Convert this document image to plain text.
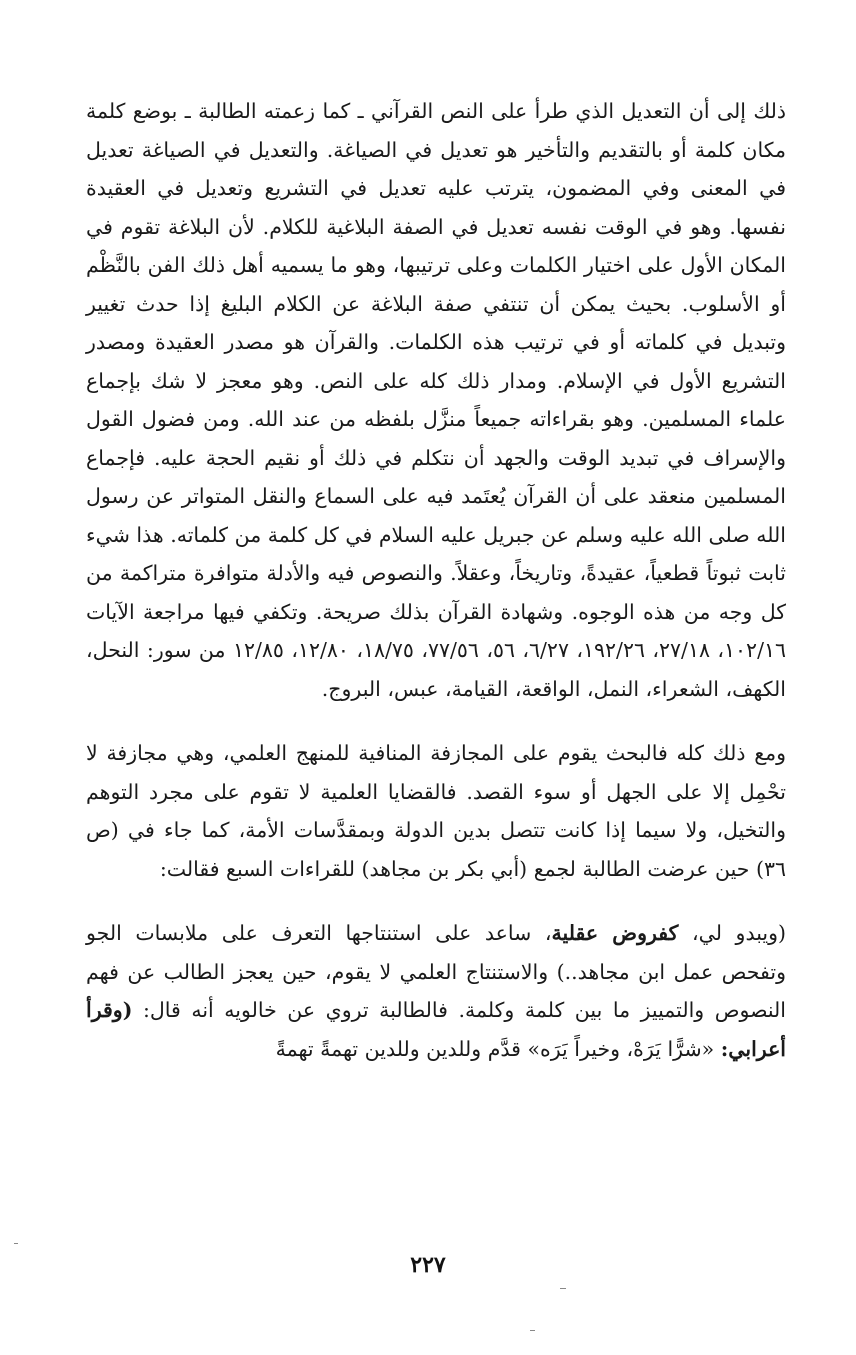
ذلك إلى أن التعديل الذي طرأ على النص القرآني ـ كما زعمته الطالبة ـ بوضع كلمة مكان كلمة أو بالتقديم والتأخير هو تعديل في الصياغة. والتعديل في الصياغة تعديل في المعنى وفي المضمون، يترتب عليه تعديل في التشريع وتعديل في العقيدة نفسها. وهو في الوقت نفسه تعديل في الصفة البلاغية للكلام. لأن البلاغة تقوم في المكان الأول على اختيار الكلمات وعلى ترتيبها، وهو ما يسميه أهل ذلك الفن بالنَّظْم أو الأسلوب. بحيث يمكن أن تنتفي صفة البلاغة عن الكلام البليغ إذا حدث تغيير وتبديل في كلماته أو في ترتيب هذه الكلمات. والقرآن هو مصدر العقيدة ومصدر التشريع الأول في الإسلام. ومدار ذلك كله على النص. وهو معجز لا شك بإجماع علماء المسلمين. وهو بقراءاته جميعاً منزَّل بلفظه من عند الله. ومن فضول القول والإسراف في تبديد الوقت والجهد أن نتكلم في ذلك أو نقيم الحجة عليه. فإجماع المسلمين منعقد على أن القرآن يُعتَمد فيه على السماع والنقل المتواتر عن رسول الله صلى الله عليه وسلم عن جبريل عليه السلام في كل كلمة من كلماته. هذا شيء ثابت ثبوتاً قطعياً، عقيدةً، وتاريخاً، وعقلاً. والنصوص فيه والأدلة متوافرة متراكمة من كل وجه من هذه الوجوه. وشهادة القرآن بذلك صريحة. وتكفي فيها مراجعة الآيات ١٠٢/١٦، ٢٧/١٨، ١٩٢/٢٦، ٦/٢٧، ٥٦، ٧٧/٥٦، ١٨/٧٥، ١٢/٨٠، ١٢/٨٥ من سور: النحل، الكهف، الشعراء، النمل، الواقعة، القيامة، عبس، البروج.

ومع ذلك كله فالبحث يقوم على المجازفة المنافية للمنهج العلمي، وهي مجازفة لا تحْمِل إلا على الجهل أو سوء القصد. فالقضايا العلمية لا تقوم على مجرد التوهم والتخيل، ولا سيما إذا كانت تتصل بدين الدولة وبمقدَّسات الأمة، كما جاء في (ص ٣٦) حين عرضت الطالبة لجمع (أبي بكر بن مجاهد) للقراءات السبع فقالت:

(ويبدو لي، كفروض عقلية، ساعد على استنتاجها التعرف على ملابسات الجو وتفحص عمل ابن مجاهد..) والاستنتاج العلمي لا يقوم، حين يعجز الطالب عن فهم النصوص والتمييز ما بين كلمة وكلمة. فالطالبة تروي عن خالويه أنه قال: (وقرأ أعرابي: «شرًّا يَرَهْ، وخيراً يَرَه» قدَّم وللدين وللدين تهمةً تهمةً

٢٢٧
